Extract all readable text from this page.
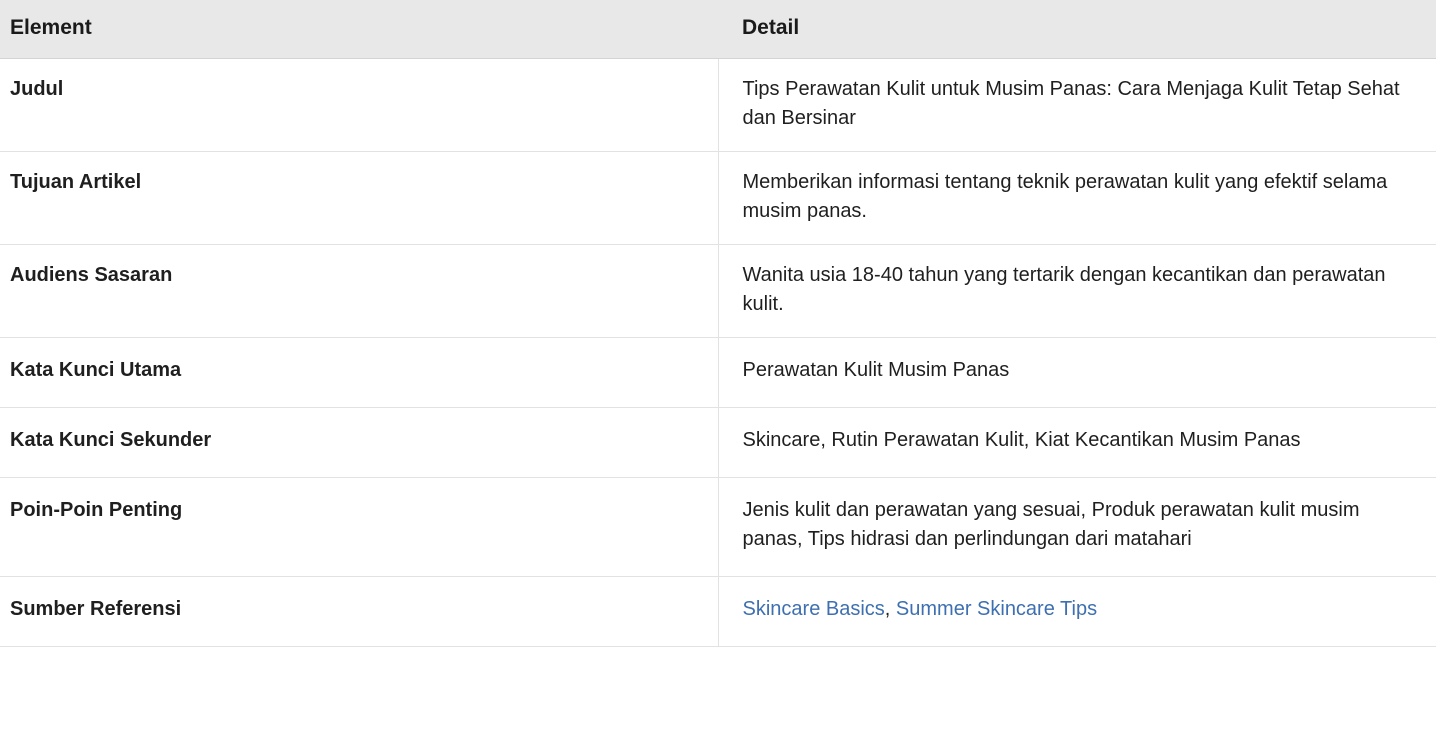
Element	Detail
Judul	Tips Perawatan Kulit untuk Musim Panas: Cara Menjaga Kulit Tetap Sehat dan Bersinar
Tujuan Artikel	Memberikan informasi tentang teknik perawatan kulit yang efektif selama musim panas.
Audiens Sasaran	Wanita usia 18-40 tahun yang tertarik dengan kecantikan dan perawatan kulit.
Kata Kunci Utama	Perawatan Kulit Musim Panas
Kata Kunci Sekunder	Skincare, Rutin Perawatan Kulit, Kiat Kecantikan Musim Panas
Poin-Poin Penting	Jenis kulit dan perawatan yang sesuai, Produk perawatan kulit musim panas, Tips hidrasi dan perlindungan dari matahari
Sumber Referensi	Skincare Basics, Summer Skincare Tips
